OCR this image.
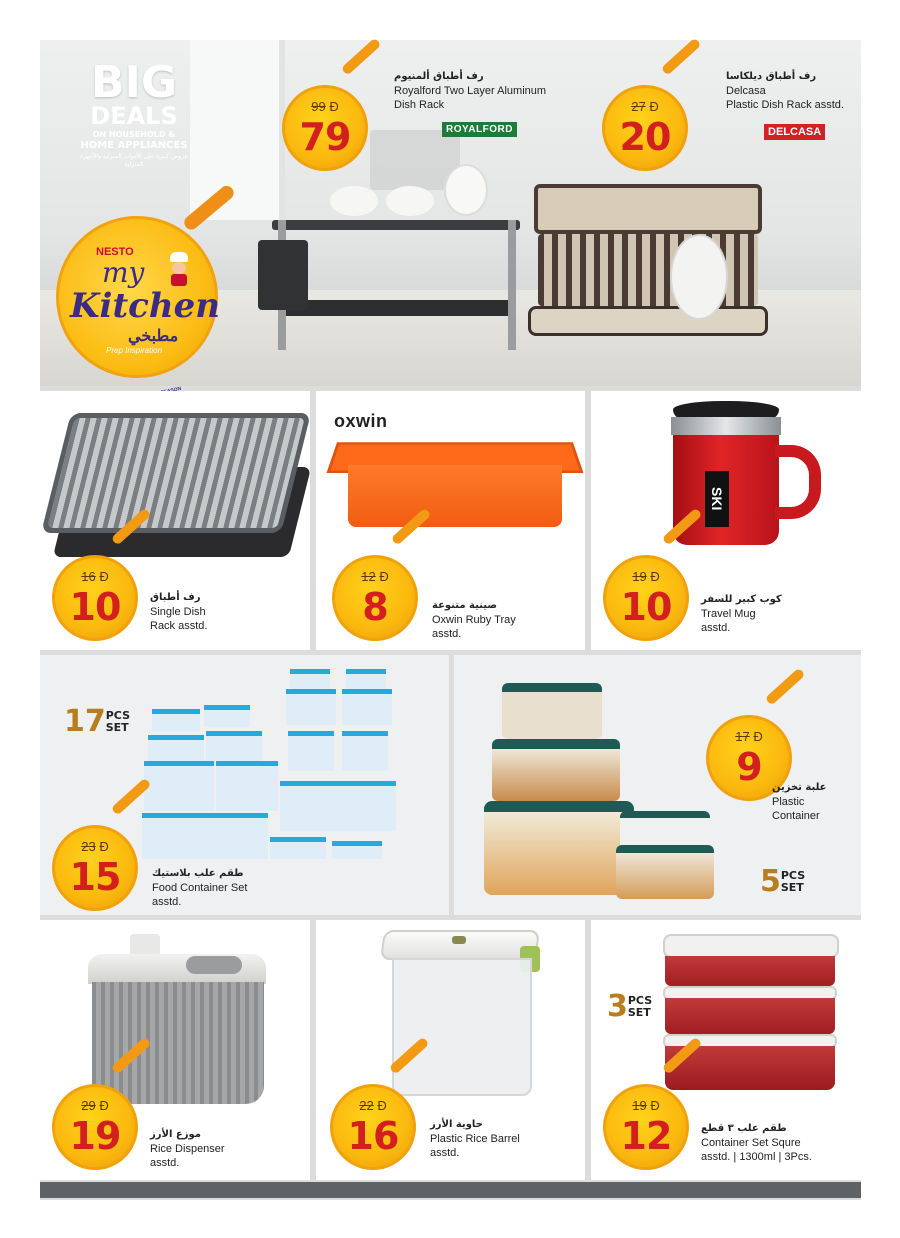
BIG
DEALS
ON HOUSEHOLD &
HOME APPLIANCES
عروض كبيرة على الأدوات المنزلية والأجهزة المنزلية
NESTO
my
Kitchen
مطبخي
Prep Inspiration
99 Đ
79
رف أطباق ألمنيوم
Royalford Two Layer Aluminum
Dish Rack
ROYALFORD
27 Đ
20
رف أطباق ديلكاسا
Delcasa
Plastic Dish Rack asstd.
DELCASA
16 Đ
10	رف أطباق
Single Dish
Rack asstd.
oxwin
12 Đ
8	صينية متنوعة
Oxwin Ruby Tray
asstd.
SKI
19 Đ
10	كوب كبير للسفر
Travel Mug
asstd.
17PCS
SET
23 Đ
15	طقم علب بلاستيك
Food Container Set
asstd.
17 Đ
9	علبة تخزين
Plastic
Container
5PCS
SET
29 Đ
19	موزع الأرز
Rice Dispenser
asstd.
22 Đ
16	حاوية الأرز
Plastic Rice Barrel
asstd.
3PCS
SET
19 Đ
12	طقم علب ٣ قطع
Container Set Squre
asstd. | 1300ml | 3Pcs.
